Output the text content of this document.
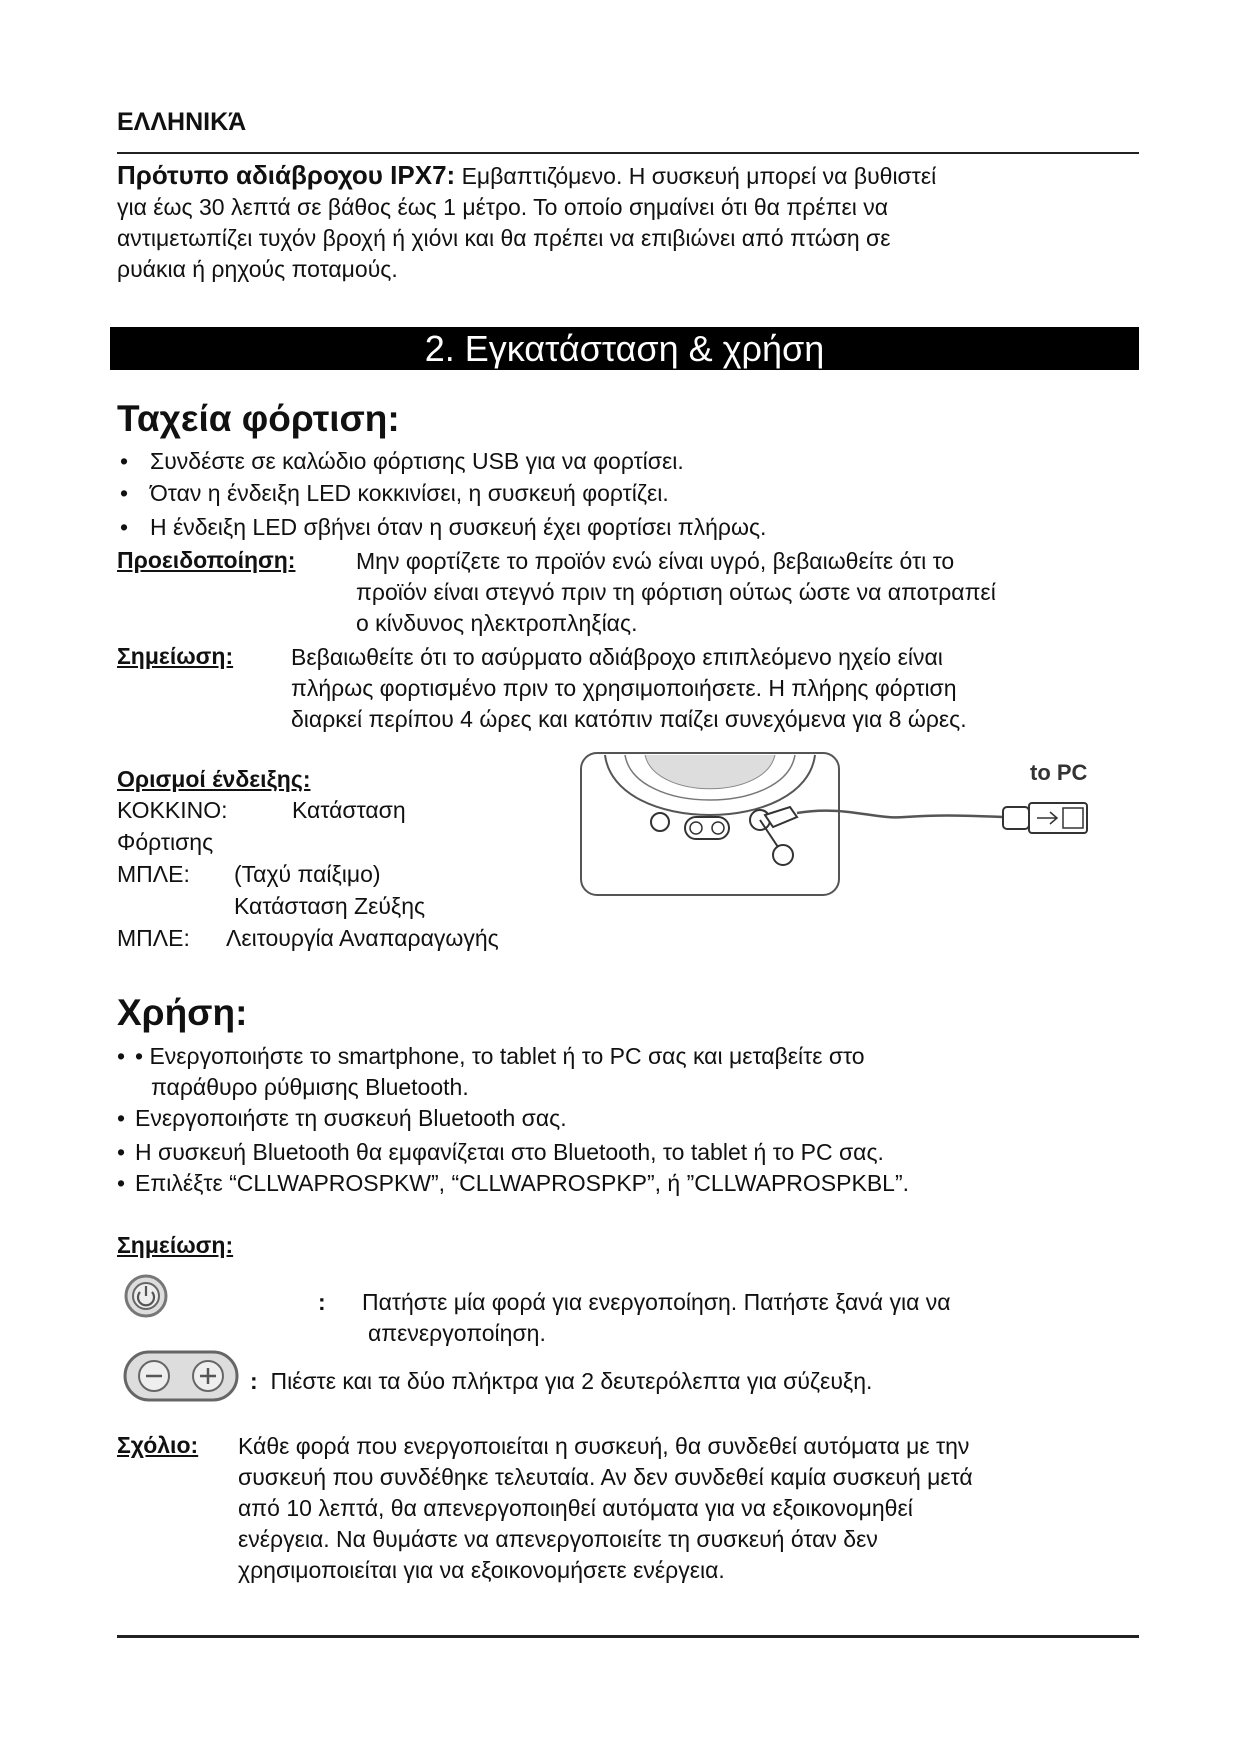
ΕΛΛΗΝΙΚΆ
Πρότυπο αδιάβροχου IPX7: Εμβαπτιζόμενο. Η συσκευή μπορεί να βυθιστεί
για έως 30 λεπτά σε βάθος έως 1 μέτρο. Το οποίο σημαίνει ότι θα πρέπει να
αντιμετωπίζει τυχόν βροχή ή χιόνι και θα πρέπει να επιβιώνει από πτώση σε
ρυάκια ή ρηχούς ποταμούς.
2. Εγκατάσταση & χρήση
Ταχεία φόρτιση:
• Συνδέστε σε καλώδιο φόρτισης USB για να φορτίσει.
• Όταν η ένδειξη LED κοκκινίσει, η συσκευή φορτίζει.
• Η ένδειξη LED σβήνει όταν η συσκευή έχει φορτίσει πλήρως.
Προειδοποίηση:	Μην φορτίζετε το προϊόν ενώ είναι υγρό, βεβαιωθείτε ότι το
προϊόν είναι στεγνό πριν τη φόρτιση ούτως ώστε να αποτραπεί
ο κίνδυνος ηλεκτροπληξίας.
Σημείωση:	Βεβαιωθείτε ότι το ασύρματο αδιάβροχο επιπλεόμενο ηχείο είναι
πλήρως φορτισμένο πριν το χρησιμοποιήσετε. Η πλήρης φόρτιση
διαρκεί περίπου 4 ώρες και κατόπιν παίζει συνεχόμενα για 8 ώρες.
Ορισμοί ένδειξης:
ΚΟΚΚΙΝΟ:	Κατάσταση
Φόρτισης
ΜΠΛΕ: (Ταχύ παίξιμο)
Κατάσταση Ζεύξης
ΜΠΛΕ: Λειτουργία Αναπαραγωγής
to PC
Χρήση:
• • Ενεργοποιήστε το smartphone, το tablet ή το PC σας και μεταβείτε στο
παράθυρο ρύθμισης Bluetooth.
• Ενεργοποιήστε τη συσκευή Bluetooth σας.
• Η συσκευή Bluetooth θα εμφανίζεται στο Bluetooth, το tablet ή το PC σας.
• Επιλέξτε “CLLWAPROSPKW”, “CLLWAPROSPKP”, ή ”CLLWAPROSPKBL”.
Σημείωση:
: Πατήστε μία φορά για ενεργοποίηση. Πατήστε ξανά για να
απενεργοποίηση.
: Πιέστε και τα δύο πλήκτρα για 2 δευτερόλεπτα για σύζευξη.
Σχόλιο: Κάθε φορά που ενεργοποιείται η συσκευή, θα συνδεθεί αυτόματα με την
συσκευή που συνδέθηκε τελευταία. Αν δεν συνδεθεί καμία συσκευή μετά
από 10 λεπτά, θα απενεργοποιηθεί αυτόματα για να εξοικονομηθεί
ενέργεια. Να θυμάστε να απενεργοποιείτε τη συσκευή όταν δεν
χρησιμοποιείται για να εξοικονομήσετε ενέργεια.
